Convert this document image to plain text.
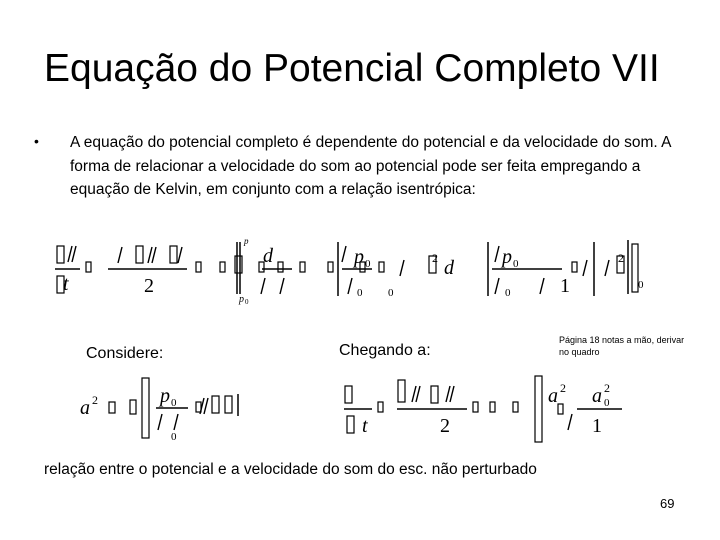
Equação do Potencial Completo VII
• A equação do potencial completo é dependente do potencial e da velocidade do som. A forma de relacionar a velocidade do som ao potencial pode ser feita empregando a equação de Kelvin, em conjunto com a relação isentrópica:
t	2
p
p 0
d	p 0
0 0
2 d p 0
0 1
2
0
Considere:	Chegando a:
Página 18 notas a mão, derivar no quadro
a 2	p 0
0	t	2
a 2 a 2
0
1
relação entre o potencial e a velocidade do som do esc. não perturbado
69
